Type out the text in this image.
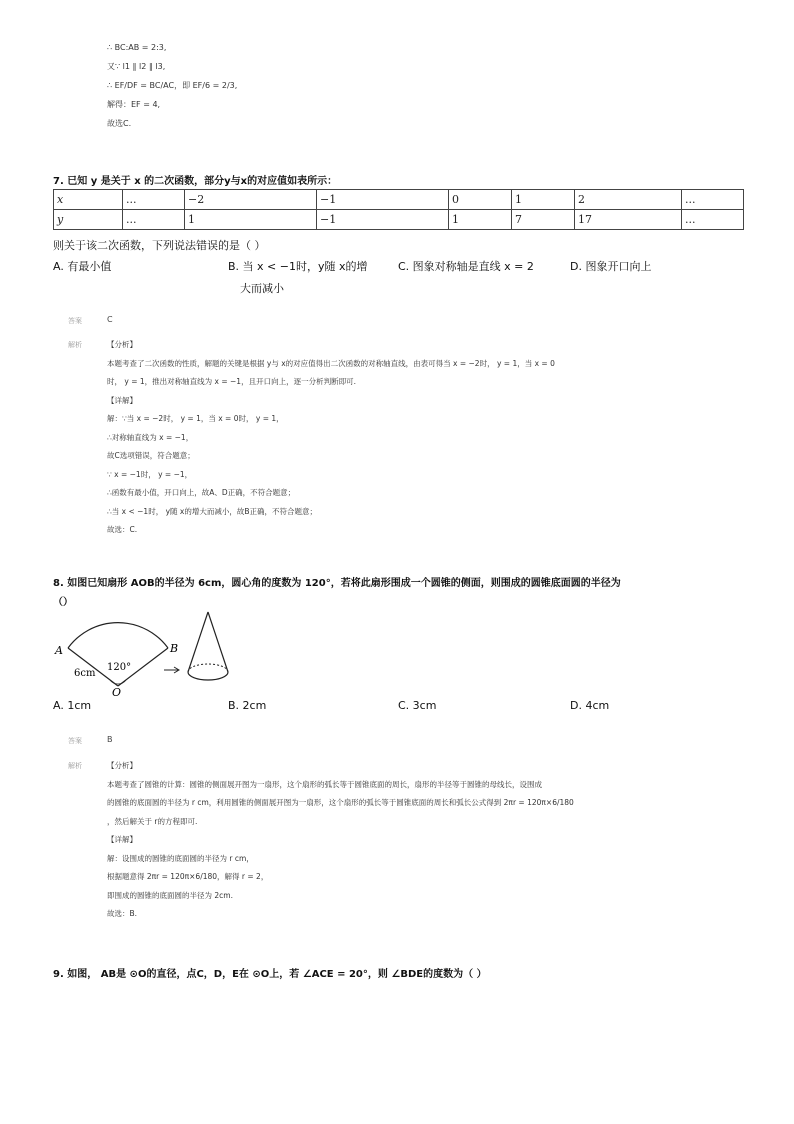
∴ BC:AB = 2:3,
又∵ l1 ∥ l2 ∥ l3,
∴ EF/DF = BC/AC，即 EF/6 = 2/3,
解得：EF = 4,
故选C.
7. 已知 y 是关于 x 的二次函数，部分y与x的对应值如表所示：
x	...	−2	−1	0	1	2	...
y	...	1	−1	1	7	17	...
则关于该二次函数，下列说法错误的是（ ）
A. 有最小值	B. 当 x < −1时，y随 x的增
大而减小
C. 图象对称轴是直线 x = 2	D. 图象开口向上
答案	C
解析	【分析】
本题考查了二次函数的性质，解题的关键是根据 y与 x的对应值得出二次函数的对称轴直线，由表可得当 x = −2时， y = 1，当 x = 0
时， y = 1，推出对称轴直线为 x = −1，且开口向上，逐一分析判断即可.
【详解】
解：∵当 x = −2时， y = 1，当 x = 0时， y = 1，
∴对称轴直线为 x = −1，
故C选项错误，符合题意；
∵ x = −1时， y = −1，
∴函数有最小值，开口向上，故A、D正确，不符合题意；
∴当 x < −1时， y随 x的增大而减小，故B正确，不符合题意；
故选：C.
8. 如图已知扇形 AOB的半径为 6cm，圆心角的度数为 120°，若将此扇形围成一个圆锥的侧面，则围成的圆锥底面圆的半径为
（）
A	B
O
6cm
120°
A. 1cm	B. 2cm	C. 3cm	D. 4cm
答案	B
解析	【分析】
本题考查了圆锥的计算：圆锥的侧面展开图为一扇形，这个扇形的弧长等于圆锥底面的周长，扇形的半径等于圆锥的母线长，设围成
的圆锥的底面圆的半径为 r cm，利用圆锥的侧面展开图为一扇形，这个扇形的弧长等于圆锥底面的周长和弧长公式得到 2πr = 120π×6/180
，然后解关于 r的方程即可.
【详解】
解：设围成的圆锥的底面圆的半径为 r cm，
根据题意得 2πr = 120π×6/180，解得 r = 2，
即围成的圆锥的底面圆的半径为 2cm.
故选：B.
9. 如图， AB是 ⊙O的直径，点C，D，E在 ⊙O上，若 ∠ACE = 20°，则 ∠BDE的度数为（ ）
